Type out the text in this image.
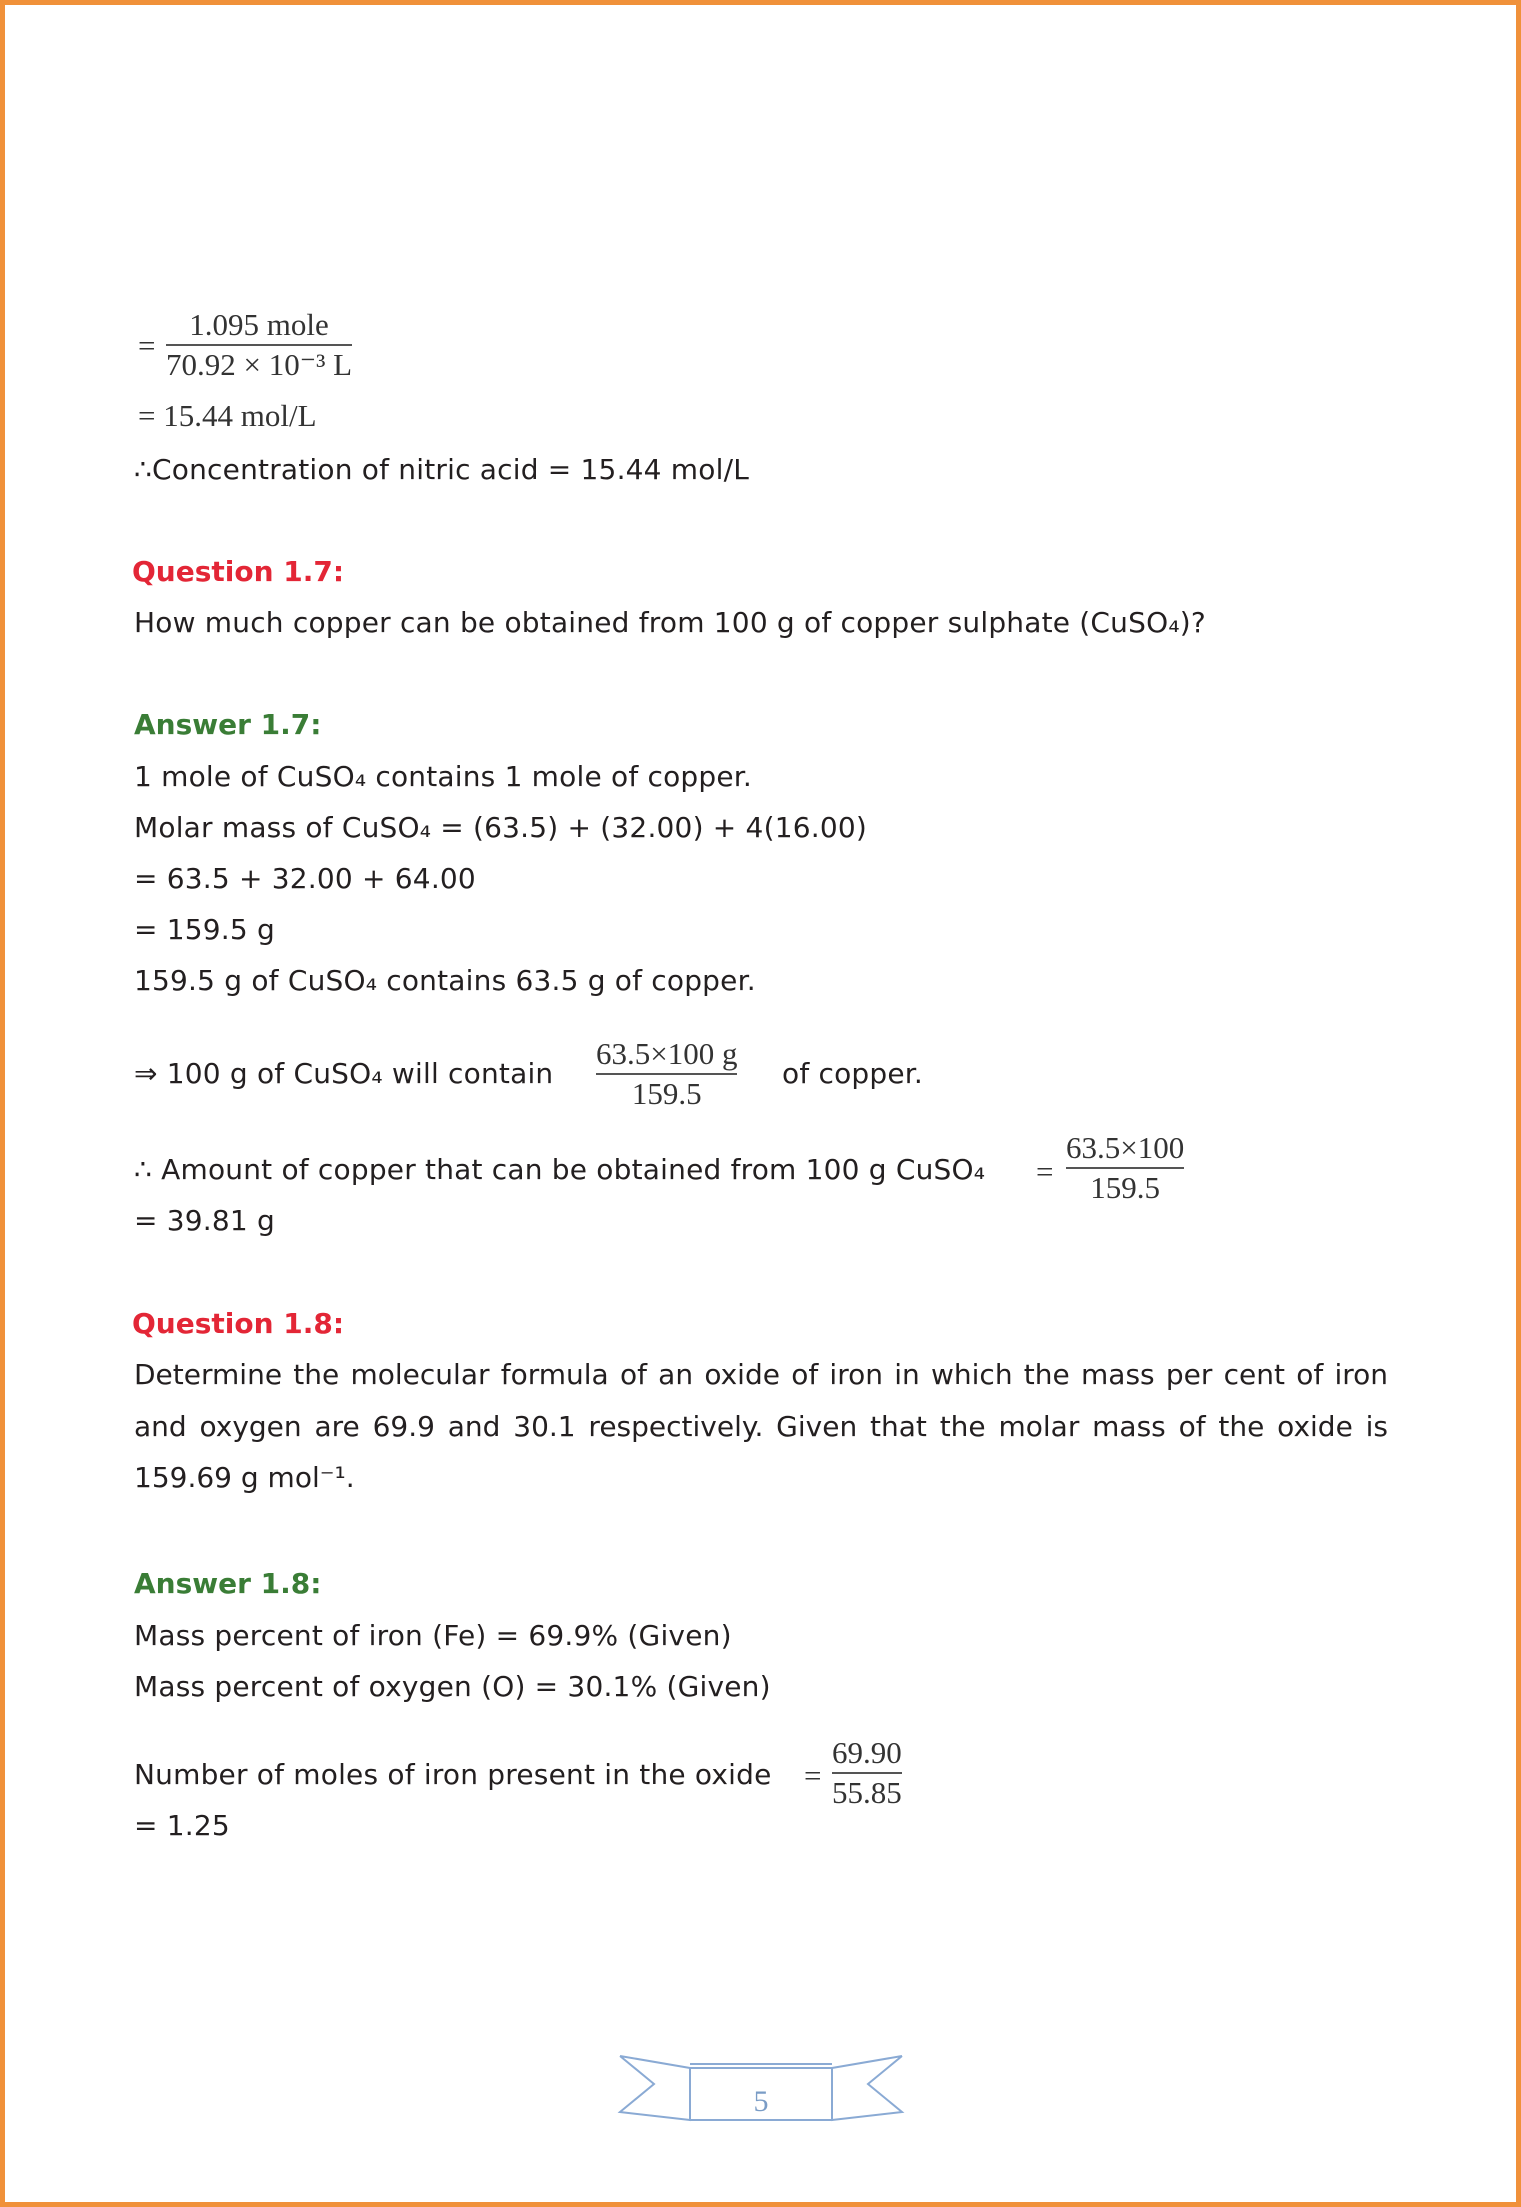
=
1.095 mole
70.92 × 10⁻³ L
= 15.44 mol/L
∴Concentration of nitric acid = 15.44 mol/L
Question 1.7:
How much copper can be obtained from 100 g of copper sulphate (CuSO₄)?
Answer 1.7:
1 mole of CuSO₄ contains 1 mole of copper.
Molar mass of CuSO₄ = (63.5) + (32.00) + 4(16.00)
= 63.5 + 32.00 + 64.00
= 159.5 g
159.5 g of CuSO₄ contains 63.5 g of copper.
⇒ 100 g of CuSO₄ will contain
63.5×100 g
159.5
of copper.
∴ Amount of copper that can be obtained from 100 g CuSO₄ =
63.5×100
159.5
= 39.81 g
Question 1.8:
Determine the molecular formula of an oxide of iron in which the mass per cent of iron and oxygen are 69.9 and 30.1 respectively. Given that the molar mass of the oxide is 159.69 g mol⁻¹.
Answer 1.8:
Mass percent of iron (Fe) = 69.9% (Given)
Mass percent of oxygen (O) = 30.1% (Given)
Number of moles of iron present in the oxide =
69.90
55.85
= 1.25
5
